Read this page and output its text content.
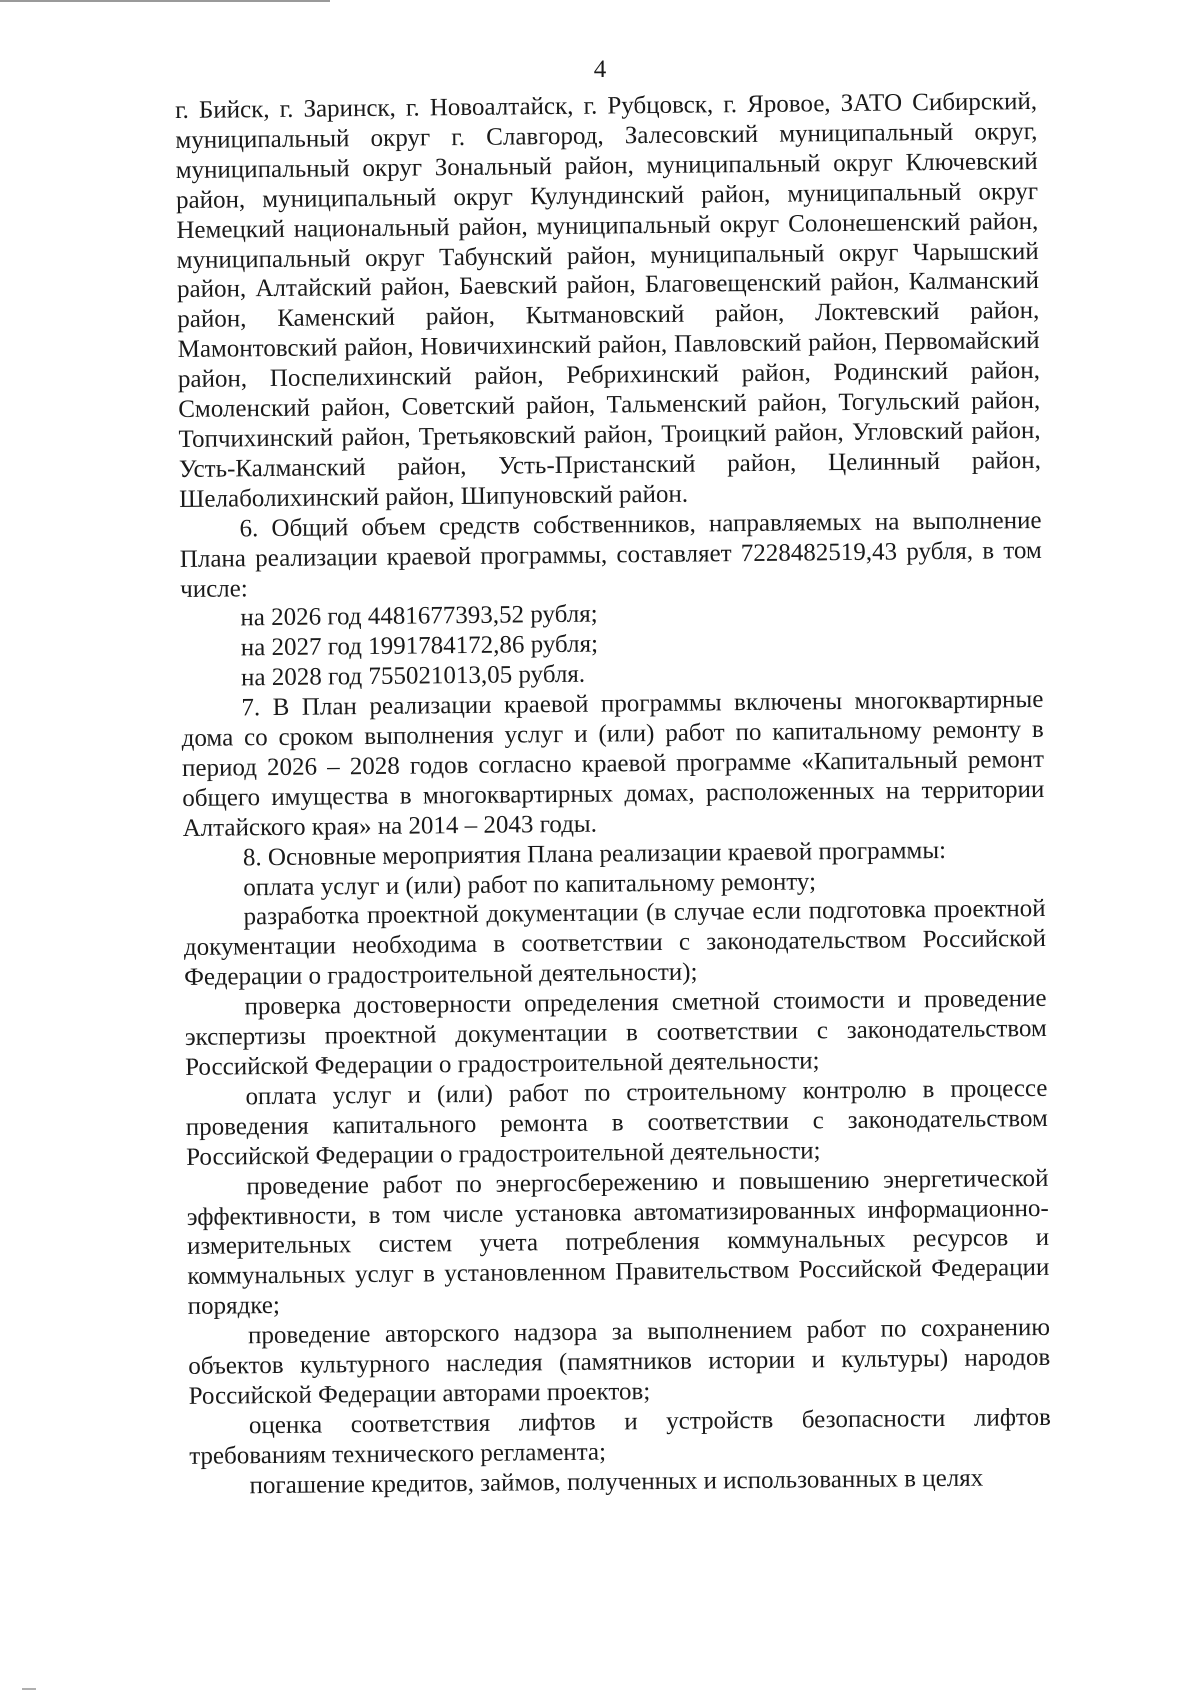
4

г. Бийск, г. Заринск, г. Новоалтайск, г. Рубцовск, г. Яровое, ЗАТО Сибирский, муниципальный округ г. Славгород, Залесовский муниципальный округ, муниципальный округ Зональный район, муниципальный округ Ключевский район, муниципальный округ Кулундинский район, муниципальный округ Немецкий национальный район, муниципальный округ Солонешенский район, муниципальный округ Табунский район, муниципальный округ Чарышский район, Алтайский район, Баевский район, Благовещенский район, Калманский район, Каменский район, Кытмановский район, Локтевский район, Мамонтовский район, Новичихинский район, Павловский район, Первомайский район, Поспелихинский район, Ребрихинский район, Родинский район, Смоленский район, Советский район, Тальменский район, Тогульский район, Топчихинский район, Третьяковский район, Троицкий район, Угловский район, Усть-Калманский район, Усть-Пристанский район, Целинный район, Шелаболихинский район, Шипуновский район.

6. Общий объем средств собственников, направляемых на выполнение Плана реализации краевой программы, составляет 7228482519,43 рубля, в том числе:

на 2026 год 4481677393,52 рубля;

на 2027 год 1991784172,86 рубля;

на 2028 год 755021013,05 рубля.

7. В План реализации краевой программы включены многоквартирные дома со сроком выполнения услуг и (или) работ по капитальному ремонту в период 2026 – 2028 годов согласно краевой программе «Капитальный ремонт общего имущества в многоквартирных домах, расположенных на территории Алтайского края» на 2014 – 2043 годы.

8. Основные мероприятия Плана реализации краевой программы:

оплата услуг и (или) работ по капитальному ремонту;

разработка проектной документации (в случае если подготовка проектной документации необходима в соответствии с законодательством Российской Федерации о градостроительной деятельности);

проверка достоверности определения сметной стоимости и проведение экспертизы проектной документации в соответствии с законодательством Российской Федерации о градостроительной деятельности;

оплата услуг и (или) работ по строительному контролю в процессе проведения капитального ремонта в соответствии с законодательством Российской Федерации о градостроительной деятельности;

проведение работ по энергосбережению и повышению энергетической эффективности, в том числе установка автоматизированных информационно-измерительных систем учета потребления коммунальных ресурсов и коммунальных услуг в установленном Правительством Российской Федерации порядке;

проведение авторского надзора за выполнением работ по сохранению объектов культурного наследия (памятников истории и культуры) народов Российской Федерации авторами проектов;

оценка соответствия лифтов и устройств безопасности лифтов требованиям технического регламента;

погашение кредитов, займов, полученных и использованных в целях
